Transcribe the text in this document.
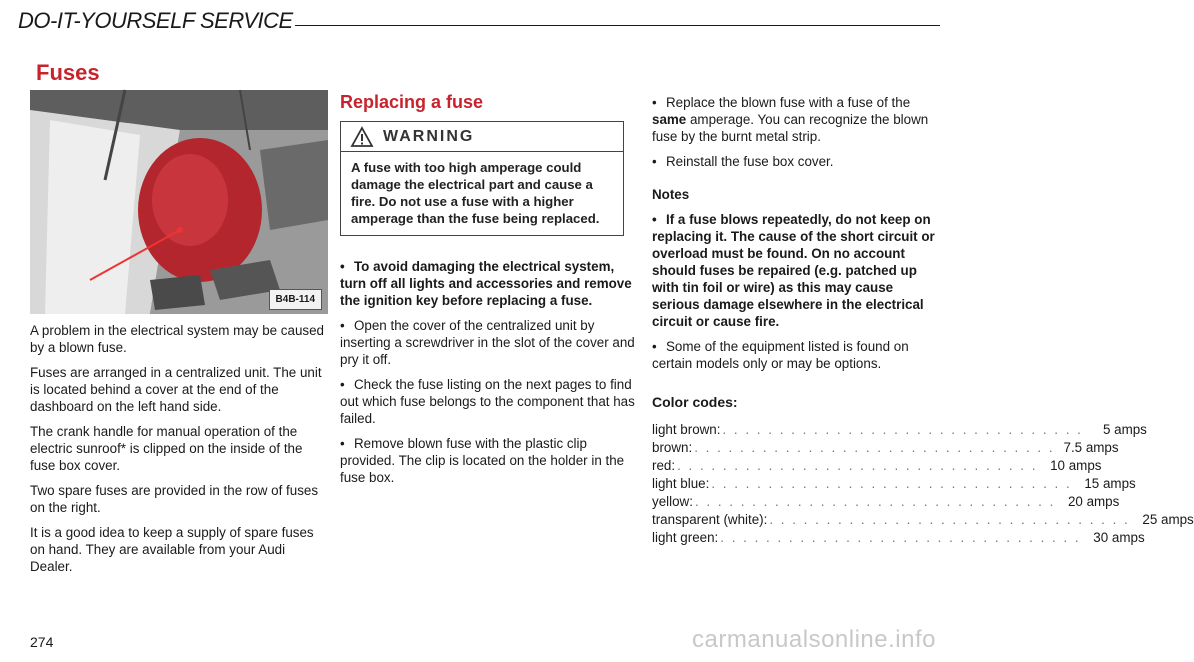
DO-IT-YOURSELF SERVICE
Fuses
B4B-114

A problem in the electrical system may be caused by a blown fuse.

Fuses are arranged in a centralized unit. The unit is located behind a cover at the end of the dashboard on the left hand side.

The crank handle for manual operation of the electric sunroof* is clipped on the inside of the fuse box cover.

Two spare fuses are provided in the row of fuses on the right.

It is a good idea to keep a supply of spare fuses on hand. They are available from your Audi Dealer.

Replacing a fuse
WARNING
A fuse with too high amperage could damage the electrical part and cause a fire. Do not use a fuse with a higher amperage than the fuse being replaced.

• To avoid damaging the electrical system, turn off all lights and accessories and remove the ignition key before replacing a fuse.

• Open the cover of the centralized unit by inserting a screwdriver in the slot of the cover and pry it off.

• Check the fuse listing on the next pages to find out which fuse belongs to the component that has failed.

• Remove blown fuse with the plastic clip provided. The clip is located on the holder in the fuse box.

• Replace the blown fuse with a fuse of the same amperage. You can recognize the blown fuse by the burnt metal strip.

• Reinstall the fuse box cover.

Notes

• If a fuse blows repeatedly, do not keep on replacing it. The cause of the short circuit or overload must be found. On no account should fuses be repaired (e.g. patched up with tin foil or wire) as this may cause serious damage elsewhere in the electrical circuit or cause fire.

• Some of the equipment listed is found on certain models only or may be options.

Color codes:
light brown: . . . . . . . . . . . . . . . . . . . . . . . . . . . . . . . .	5 amps
brown: . . . . . . . . . . . . . . . . . . . . . . . . . . . . . . . . 7.5 amps
red: . . . . . . . . . . . . . . . . . . . . . . . . . . . . . . . . 10 amps
light blue: . . . . . . . . . . . . . . . . . . . . . . . . . . . . . . . . 15 amps
yellow: . . . . . . . . . . . . . . . . . . . . . . . . . . . . . . . . 20 amps
transparent (white): . . . . . . . . . . . . . . . . . . . . . . . . . . . . . . . . 25 amps
light green: . . . . . . . . . . . . . . . . . . . . . . . . . . . . . . . . 30 amps
274	carmanualsonline.info
